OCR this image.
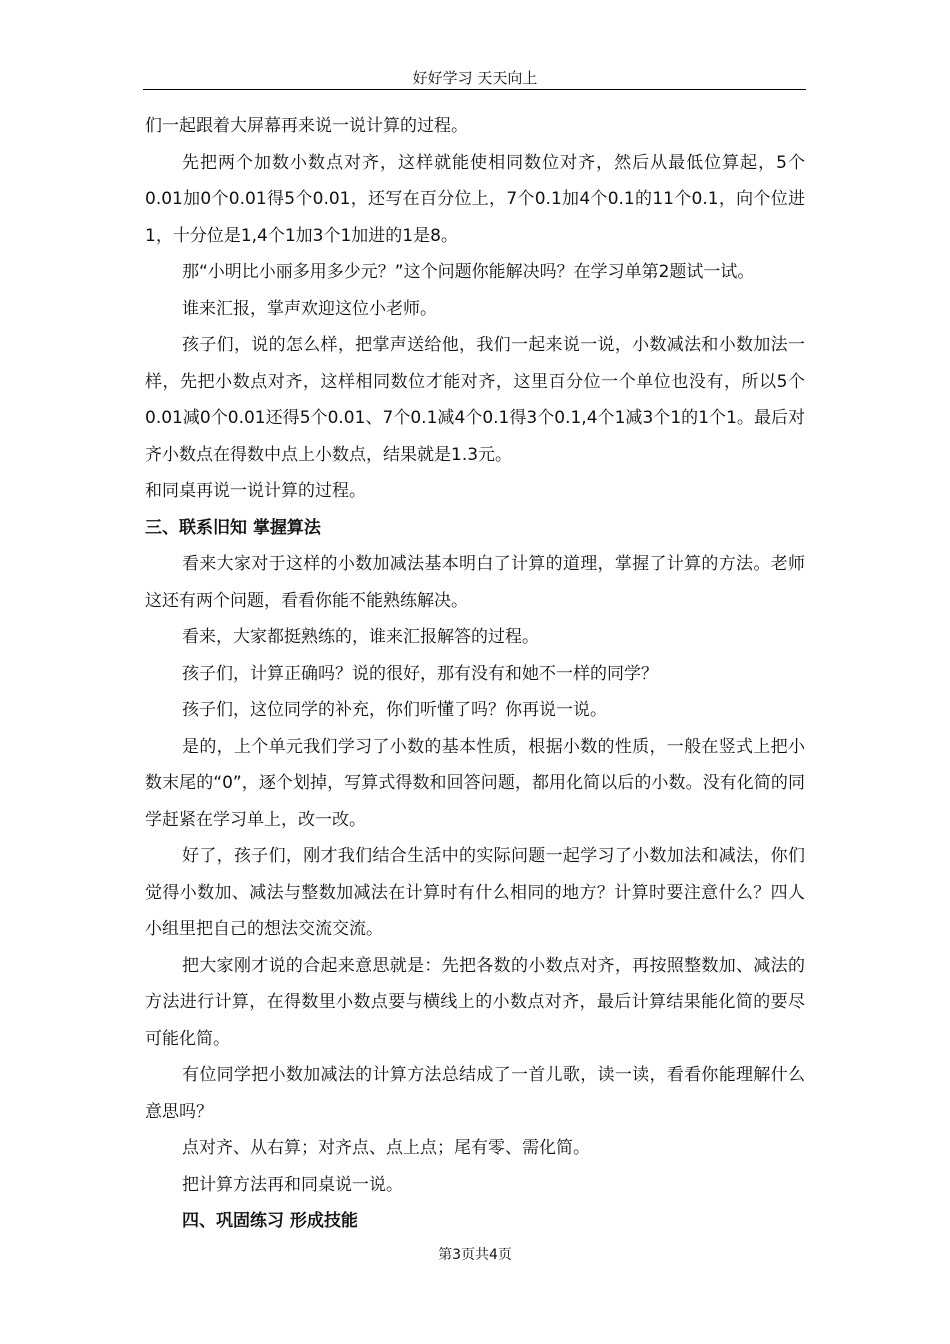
好好学习 天天向上

们一起跟着大屏幕再来说一说计算的过程。

先把两个加数小数点对齐，这样就能使相同数位对齐，然后从最低位算起，5个0.01加0个0.01得5个0.01，还写在百分位上，7个0.1加4个0.1的11个0.1，向个位进1，十分位是1,4个1加3个1加进的1是8。

那“小明比小丽多用多少元？”这个问题你能解决吗？在学习单第2题试一试。

谁来汇报，掌声欢迎这位小老师。

孩子们，说的怎么样，把掌声送给他，我们一起来说一说，小数减法和小数加法一样，先把小数点对齐，这样相同数位才能对齐，这里百分位一个单位也没有，所以5个0.01减0个0.01还得5个0.01、7个0.1减4个0.1得3个0.1,4个1减3个1的1个1。最后对齐小数点在得数中点上小数点，结果就是1.3元。

和同桌再说一说计算的过程。

三、联系旧知 掌握算法

看来大家对于这样的小数加减法基本明白了计算的道理，掌握了计算的方法。老师这还有两个问题，看看你能不能熟练解决。

看来，大家都挺熟练的，谁来汇报解答的过程。

孩子们，计算正确吗？说的很好，那有没有和她不一样的同学？

孩子们，这位同学的补充，你们听懂了吗？你再说一说。

是的，上个单元我们学习了小数的基本性质，根据小数的性质，一般在竖式上把小数末尾的“0”，逐个划掉，写算式得数和回答问题，都用化简以后的小数。没有化简的同学赶紧在学习单上，改一改。

好了，孩子们，刚才我们结合生活中的实际问题一起学习了小数加法和减法，你们觉得小数加、减法与整数加减法在计算时有什么相同的地方？计算时要注意什么？四人小组里把自己的想法交流交流。

把大家刚才说的合起来意思就是：先把各数的小数点对齐，再按照整数加、减法的方法进行计算，在得数里小数点要与横线上的小数点对齐，最后计算结果能化简的要尽可能化简。

有位同学把小数加减法的计算方法总结成了一首儿歌，读一读，看看你能理解什么意思吗？

点对齐、从右算；对齐点、点上点；尾有零、需化简。

把计算方法再和同桌说一说。

四、巩固练习 形成技能

第3页共4页
